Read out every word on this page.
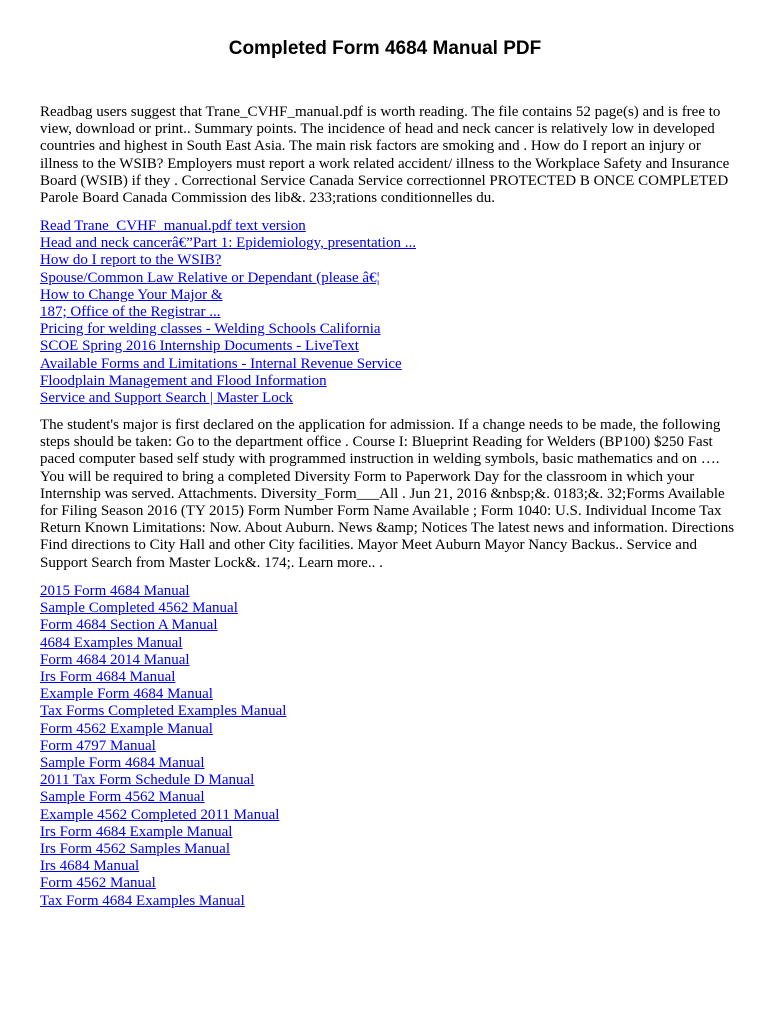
Completed Form 4684 Manual PDF

Readbag users suggest that Trane_CVHF_manual.pdf is worth reading. The file contains 52 page(s) and is free to view, download or print.. Summary points. The incidence of head and neck cancer is relatively low in developed countries and highest in South East Asia. The main risk factors are smoking and . How do I report an injury or illness to the WSIB? Employers must report a work related accident/ illness to the Workplace Safety and Insurance Board (WSIB) if they . Correctional Service Canada Service correctionnel PROTECTED B ONCE COMPLETED Parole Board Canada Commission des lib&. 233;rations conditionnelles du.

Read Trane_CVHF_manual.pdf text version
Head and neck cancerâ€”Part 1: Epidemiology, presentation ...
How do I report to the WSIB?
Spouse/Common Law Relative or Dependant (please â€¦
How to Change Your Major &
187; Office of the Registrar ...
Pricing for welding classes - Welding Schools California
SCOE Spring 2016 Internship Documents - LiveText
Available Forms and Limitations - Internal Revenue Service
Floodplain Management and Flood Information
Service and Support Search | Master Lock

The student's major is first declared on the application for admission. If a change needs to be made, the following steps should be taken: Go to the department office . Course I: Blueprint Reading for Welders (BP100) $250 Fast paced computer based self study with programmed instruction in welding symbols, basic mathematics and on …. You will be required to bring a completed Diversity Form to Paperwork Day for the classroom in which your Internship was served. Attachments. Diversity_Form___All . Jun 21, 2016 &nbsp;&. 0183;&. 32;Forms Available for Filing Season 2016 (TY 2015) Form Number Form Name Available ; Form 1040: U.S. Individual Income Tax Return Known Limitations: Now. About Auburn. News &amp; Notices The latest news and information. Directions Find directions to City Hall and other City facilities. Mayor Meet Auburn Mayor Nancy Backus.. Service and Support Search from Master Lock&. 174;. Learn more.. .

2015 Form 4684 Manual
Sample Completed 4562 Manual
Form 4684 Section A Manual
4684 Examples Manual
Form 4684 2014 Manual
Irs Form 4684 Manual
Example Form 4684 Manual
Tax Forms Completed Examples Manual
Form 4562 Example Manual
Form 4797 Manual
Sample Form 4684 Manual
2011 Tax Form Schedule D Manual
Sample Form 4562 Manual
Example 4562 Completed 2011 Manual
Irs Form 4684 Example Manual
Irs Form 4562 Samples Manual
Irs 4684 Manual
Form 4562 Manual
Tax Form 4684 Examples Manual
